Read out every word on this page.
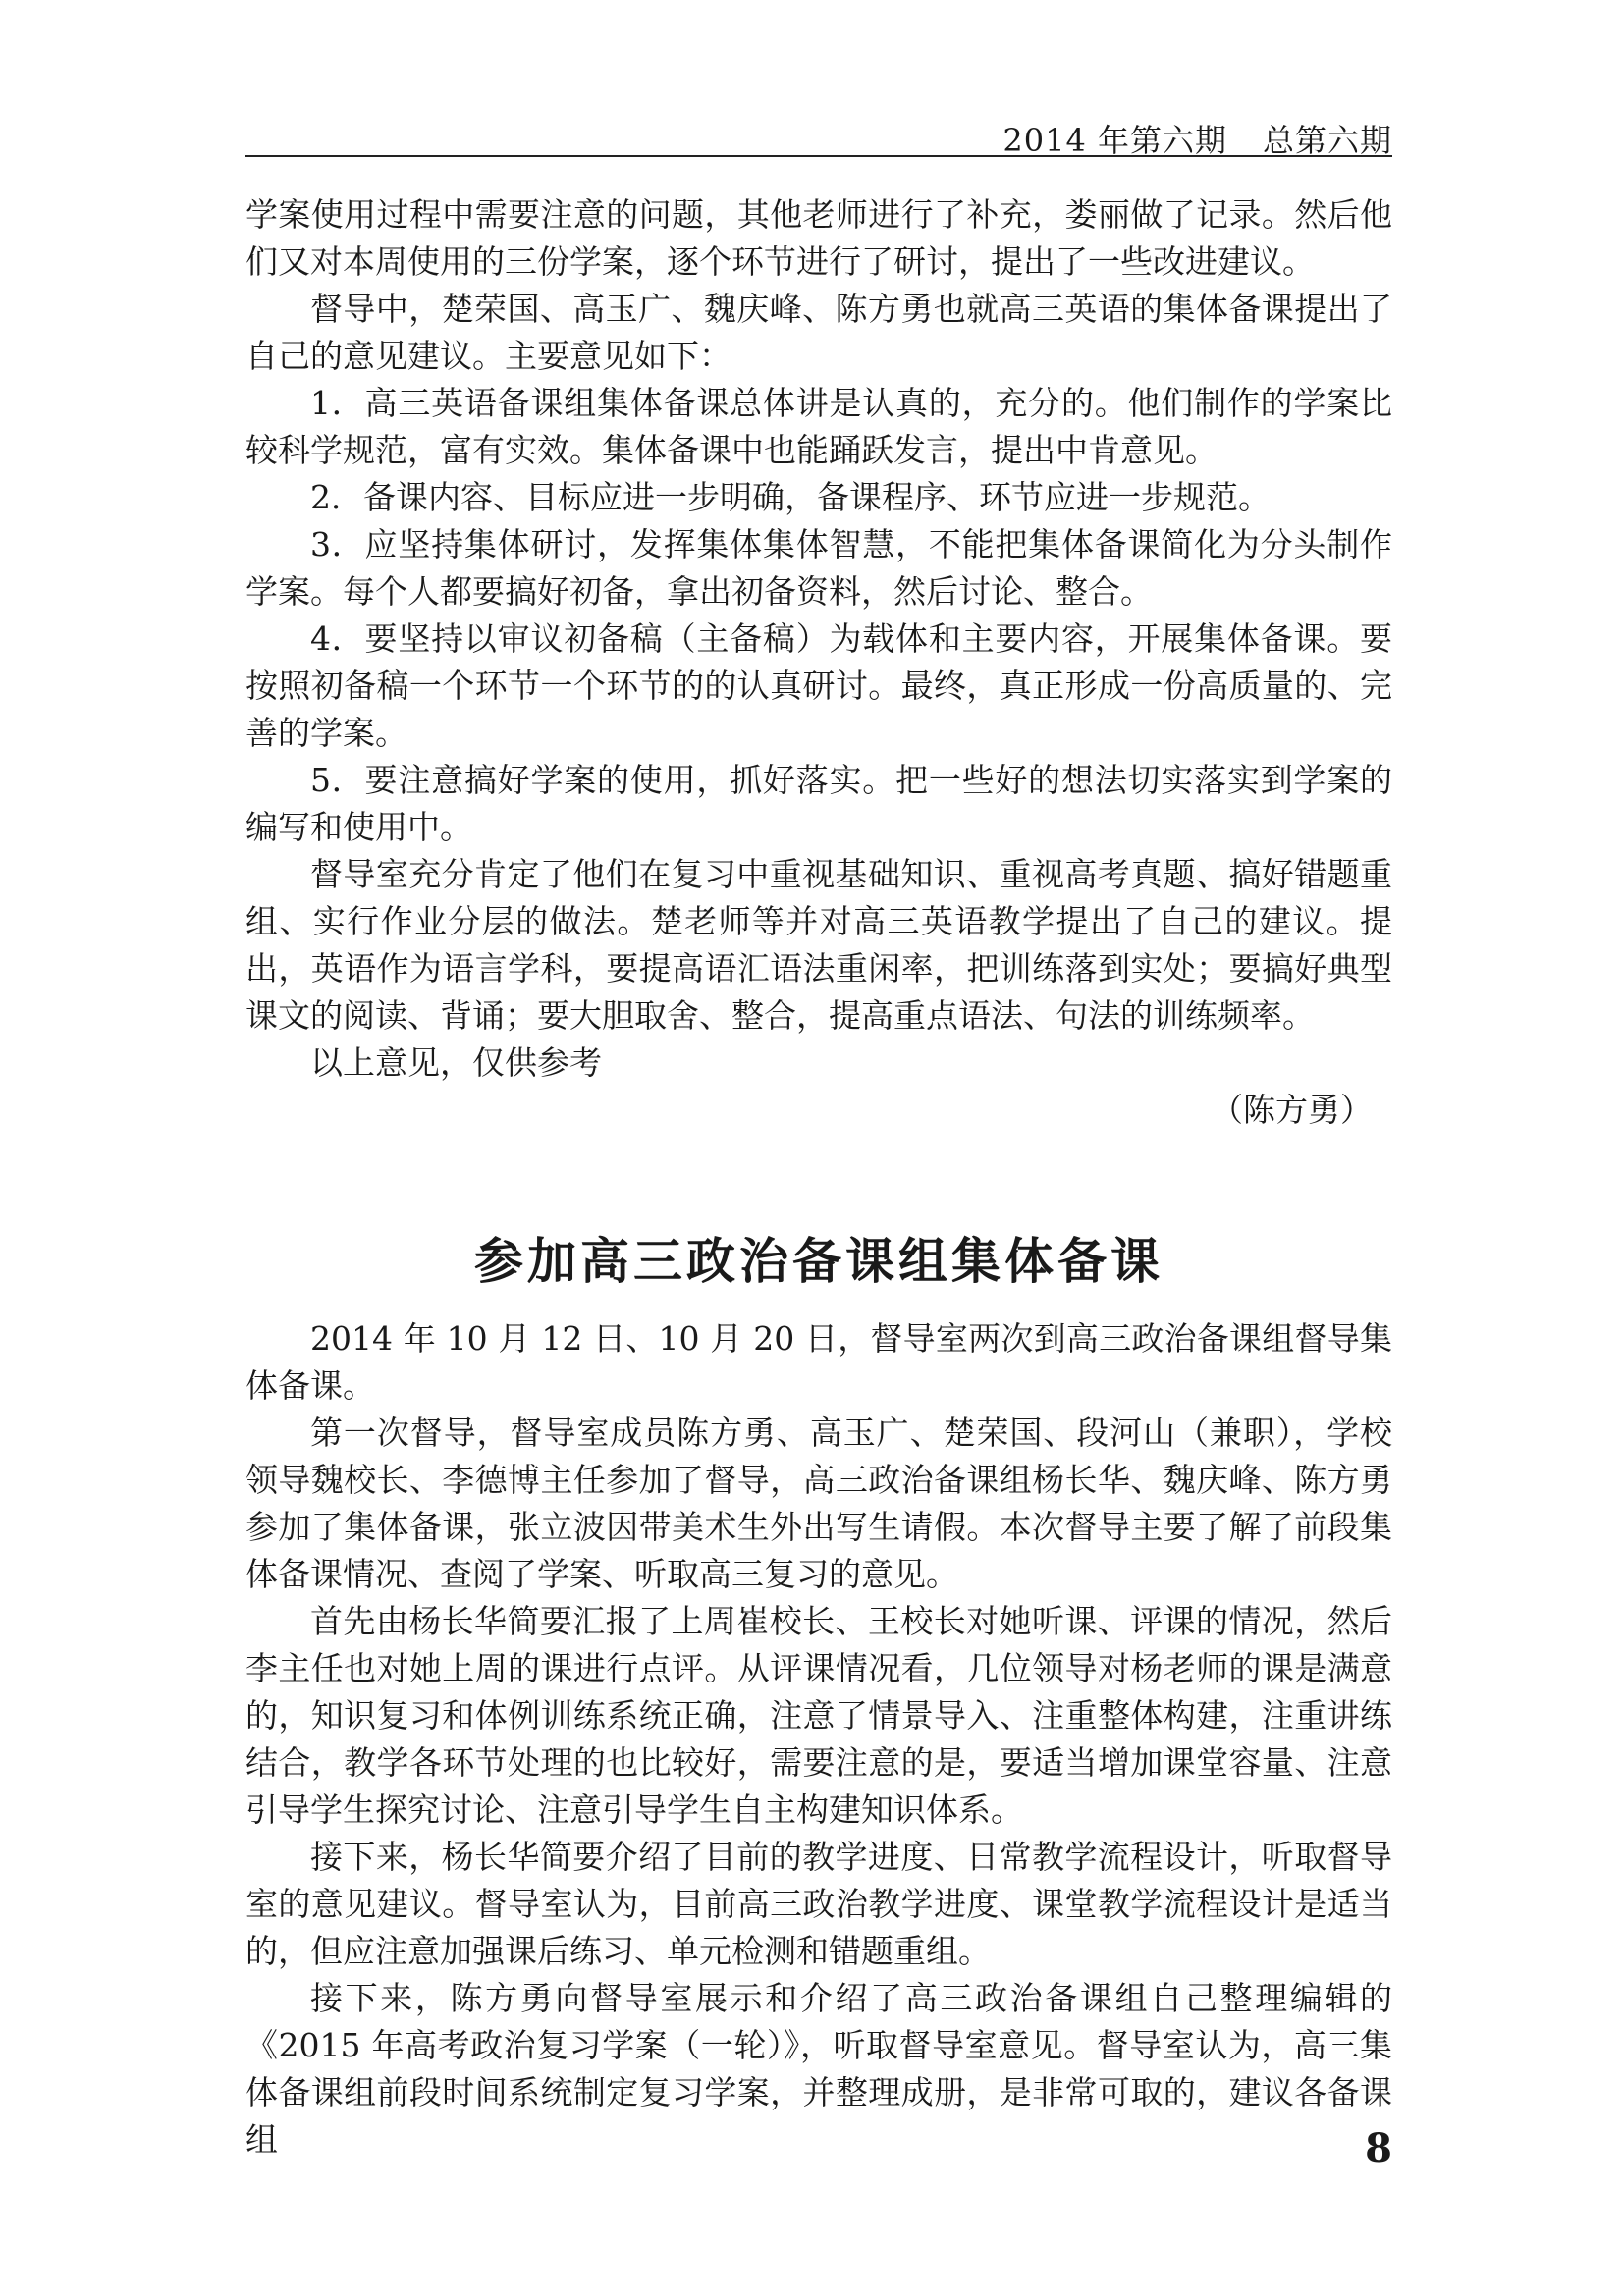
2014 年第六期 总第六期

学案使用过程中需要注意的问题，其他老师进行了补充，娄丽做了记录。然后他们又对本周使用的三份学案，逐个环节进行了研讨，提出了一些改进建议。

督导中，楚荣国、高玉广、魏庆峰、陈方勇也就高三英语的集体备课提出了自己的意见建议。主要意见如下：

1．高三英语备课组集体备课总体讲是认真的，充分的。他们制作的学案比较科学规范，富有实效。集体备课中也能踊跃发言，提出中肯意见。

2．备课内容、目标应进一步明确，备课程序、环节应进一步规范。

3．应坚持集体研讨，发挥集体集体智慧，不能把集体备课简化为分头制作学案。每个人都要搞好初备，拿出初备资料，然后讨论、整合。

4．要坚持以审议初备稿（主备稿）为载体和主要内容，开展集体备课。要按照初备稿一个环节一个环节的的认真研讨。最终，真正形成一份高质量的、完善的学案。

5．要注意搞好学案的使用，抓好落实。把一些好的想法切实落实到学案的编写和使用中。

督导室充分肯定了他们在复习中重视基础知识、重视高考真题、搞好错题重组、实行作业分层的做法。楚老师等并对高三英语教学提出了自己的建议。提出，英语作为语言学科，要提高语汇语法重闲率，把训练落到实处；要搞好典型课文的阅读、背诵；要大胆取舍、整合，提高重点语法、句法的训练频率。

以上意见，仅供参考

（陈方勇）

参加高三政治备课组集体备课

2014 年 10 月 12 日、10 月 20 日，督导室两次到高三政治备课组督导集体备课。

第一次督导，督导室成员陈方勇、高玉广、楚荣国、段河山（兼职），学校领导魏校长、李德博主任参加了督导，高三政治备课组杨长华、魏庆峰、陈方勇参加了集体备课，张立波因带美术生外出写生请假。本次督导主要了解了前段集体备课情况、查阅了学案、听取高三复习的意见。

首先由杨长华简要汇报了上周崔校长、王校长对她听课、评课的情况，然后李主任也对她上周的课进行点评。从评课情况看，几位领导对杨老师的课是满意的，知识复习和体例训练系统正确，注意了情景导入、注重整体构建，注重讲练结合，教学各环节处理的也比较好，需要注意的是，要适当增加课堂容量、注意引导学生探究讨论、注意引导学生自主构建知识体系。

接下来，杨长华简要介绍了目前的教学进度、日常教学流程设计，听取督导室的意见建议。督导室认为，目前高三政治教学进度、课堂教学流程设计是适当的，但应注意加强课后练习、单元检测和错题重组。

接下来，陈方勇向督导室展示和介绍了高三政治备课组自己整理编辑的《2015 年高考政治复习学案（一轮）》，听取督导室意见。督导室认为，高三集体备课组前段时间系统制定复习学案，并整理成册，是非常可取的，建议各备课组	8
